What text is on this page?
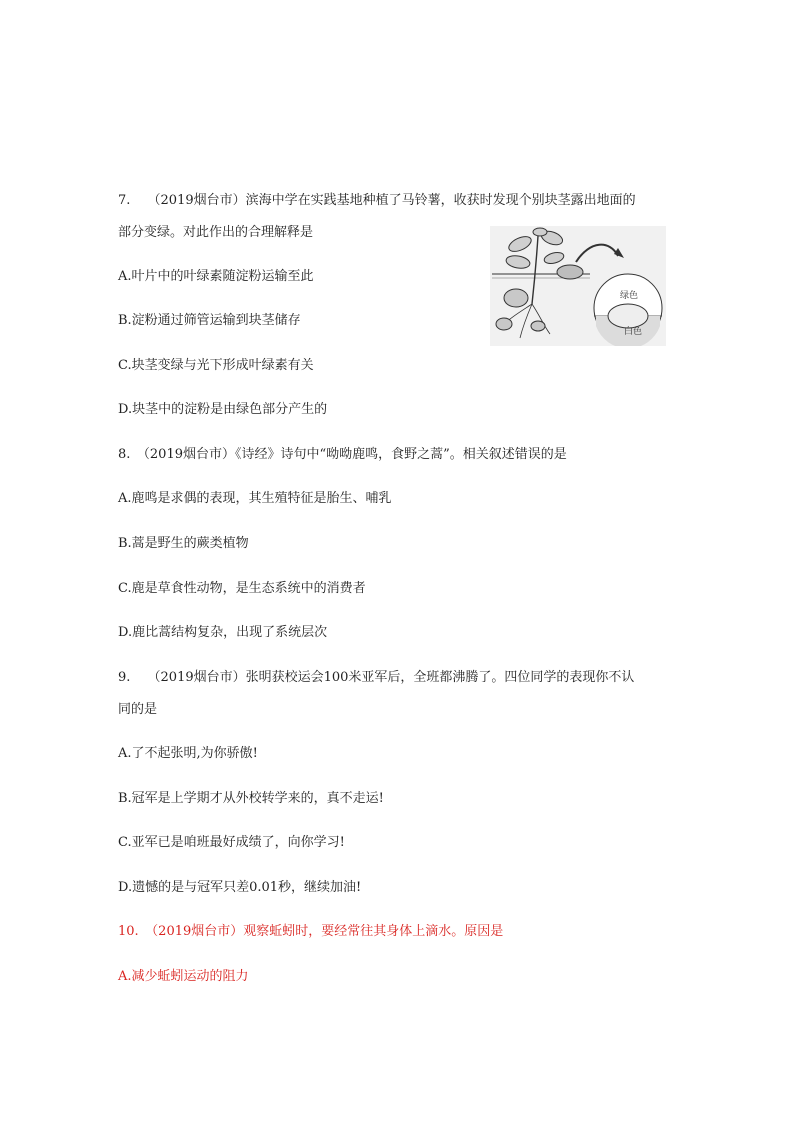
7.　 （2019烟台市）滨海中学在实践基地种植了马铃薯，收获时发现个别块茎露出地面的
部分变绿。对此作出的合理解释是
A.叶片中的叶绿素随淀粉运输至此
B.淀粉通过筛管运输到块茎储存
C.块茎变绿与光下形成叶绿素有关
D.块茎中的淀粉是由绿色部分产生的
绿色
白色
8.　（2019烟台市）《诗经》诗句中“呦呦鹿鸣，食野之蒿”。相关叙述错误的是
A.鹿鸣是求偶的表现，其生殖特征是胎生、哺乳
B.蒿是野生的蕨类植物
C.鹿是草食性动物，是生态系统中的消费者
D.鹿比蒿结构复杂，出现了系统层次
9.　 （2019烟台市）张明获校运会100米亚军后，全班都沸腾了。四位同学的表现你不认
同的是
A.了不起张明,为你骄傲!
B.冠军是上学期才从外校转学来的，真不走运!
C.亚军已是咱班最好成绩了，向你学习!
D.遗憾的是与冠军只差0.01秒，继续加油!
10.　（2019烟台市）观察蚯蚓时，要经常往其身体上滴水。原因是
A.减少蚯蚓运动的阻力
